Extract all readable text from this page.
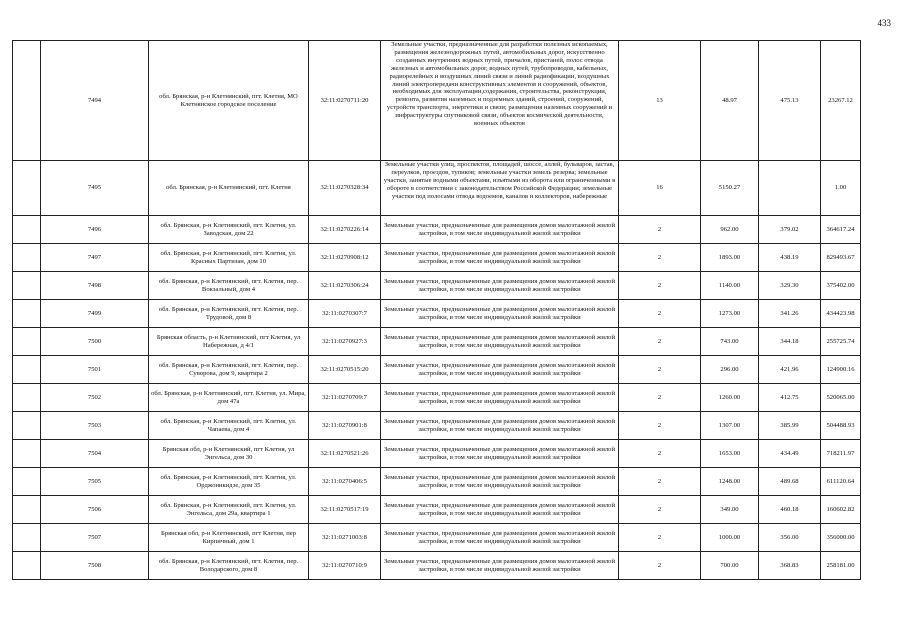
433
	7494	обл. Брянская, р-н Клетнянский, пгт. Клетня, МО Клетнянское городское поселение	32:11:0270711:20	Земельные участки, предназначенные для разработки полезных ископаемых, размещения железнодорожных путей, автомобильных дорог, искусственно созданных внутренних водных путей, причалов, пристаней, полос отвода железных и автомобильных дорог, водных путей, трубопроводов, кабельных, радиорелейных и воздушных линий связи и линий радиофикации, воздушных линий электропередачи конструктивных элементов и сооружений, объектов, необходимых для эксплуатации,содержания, строительства, реконструкции, ремонта, развития наземных и подземных зданий, строений, сооружений, устройств транспорта, энергетики и связи; размещения наземных сооружений и инфраструктуры спутниковой связи, объектов космической деятельности, военных объектов	13	48.97	475.13	23267.12
	7495	обл. Брянская, р-н Клетнянский, пгт. Клетня	32:11:0270328:34	Земельные участки улиц, проспектов, площадей, шоссе, аллей, бульваров, застав, переулков, проездов, тупиков; земельные участки земель резерва; земельные участки, занятые водными объектами, изъятыми из оборота или ограниченными в обороте в соответствии с законодательством Российской Федерации; земельные участки под полосами отвода водоемов, каналов и коллекторов, набережные	16	5150.27		1.00
	7496	обл. Брянская, р-н Клетнянский, пгт. Клетня, ул. Заводская, дом 22	32:11:0270226:14	Земельные участки, предназначенные для размещения домов малоэтажной жилой застройки, в том числе индивидуальной жилой застройки	2	962.00	379.02	364617.24
	7497	обл. Брянская, р-н Клетнянский, пгт. Клетня, ул. Красных Партизан, дом 10	32:11:0270908:12	Земельные участки, предназначенные для размещения домов малоэтажной жилой застройки, в том числе индивидуальной жилой застройки	2	1893.00	438.19	829493.67
	7498	обл. Брянская, р-н Клетнянский, пгт. Клетня, пер. Вокзальный, дом 4	32:11:0270306:24	Земельные участки, предназначенные для размещения домов малоэтажной жилой застройки, в том числе индивидуальной жилой застройки	2	1140.00	329.30	375402.00
	7499	обл. Брянская, р-н Клетнянский, пгт. Клетня, пер. Трудовой, дом 8	32:11:0270307:7	Земельные участки, предназначенные для размещения домов малоэтажной жилой застройки, в том числе индивидуальной жилой застройки	2	1273.00	341.26	434423.98
	7500	Брянская область, р-н Клетнянский, пгт Клетня, ул Набережная, д 4/1	32:11:0270927:3	Земельные участки, предназначенные для размещения домов малоэтажной жилой застройки, в том числе индивидуальной жилой застройки	2	743.00	344.18	255725.74
	7501	обл. Брянская, р-н Клетнянский, пгт. Клетня, пер. Суворова, дом 9, квартира 2	32:11:0270515:20	Земельные участки, предназначенные для размещения домов малоэтажной жилой застройки, в том числе индивидуальной жилой застройки	2	296.00	421.96	124900.16
	7502	обл. Брянская, р-н Клетнянский, пгт. Клетня, ул. Мира, дом 47а	32:11:0270709:7	Земельные участки, предназначенные для размещения домов малоэтажной жилой застройки, в том числе индивидуальной жилой застройки	2	1260.00	412.75	520065.00
	7503	обл. Брянская, р-н Клетнянский, пгт. Клетня, ул. Чапаева, дом 4	32:11:0270901:8	Земельные участки, предназначенные для размещения домов малоэтажной жилой застройки, в том числе индивидуальной жилой застройки	2	1307.00	385.99	504488.93
	7504	Брянская обл, р-н Клетнянский, пгт Клетня, ул Энгельса, дом 30	32:11:0270521:26	Земельные участки, предназначенные для размещения домов малоэтажной жилой застройки, в том числе индивидуальной жилой застройки	2	1653.00	434.49	718211.97
	7505	обл. Брянская, р-н Клетнянский, пгт. Клетня, ул. Орджоникидзе, дом 35	32:11:0270406:5	Земельные участки, предназначенные для размещения домов малоэтажной жилой застройки, в том числе индивидуальной жилой застройки	2	1248.00	489.68	611120.64
	7506	обл. Брянская, р-н Клетнянский, пгт. Клетня, ул. Энгельса, дом 29а, квартира 1	32:11:0270517:19	Земельные участки, предназначенные для размещения домов малоэтажной жилой застройки, в том числе индивидуальной жилой застройки	2	349.00	460.18	160602.82
	7507	Брянская обл, р-н Клетнянский, пгт Клетня, пер Кирпичный, дом 1	32:11:0271003:8	Земельные участки, предназначенные для размещения домов малоэтажной жилой застройки, в том числе индивидуальной жилой застройки	2	1000.00	356.00	356000.00
	7508	обл. Брянская, р-н Клетнянский, пгт. Клетня, пер. Володарского, дом 8	32:11:0270710:9	Земельные участки, предназначенные для размещения домов малоэтажной жилой застройки, в том числе индивидуальной жилой застройки	2	700.00	368.83	258181.00
